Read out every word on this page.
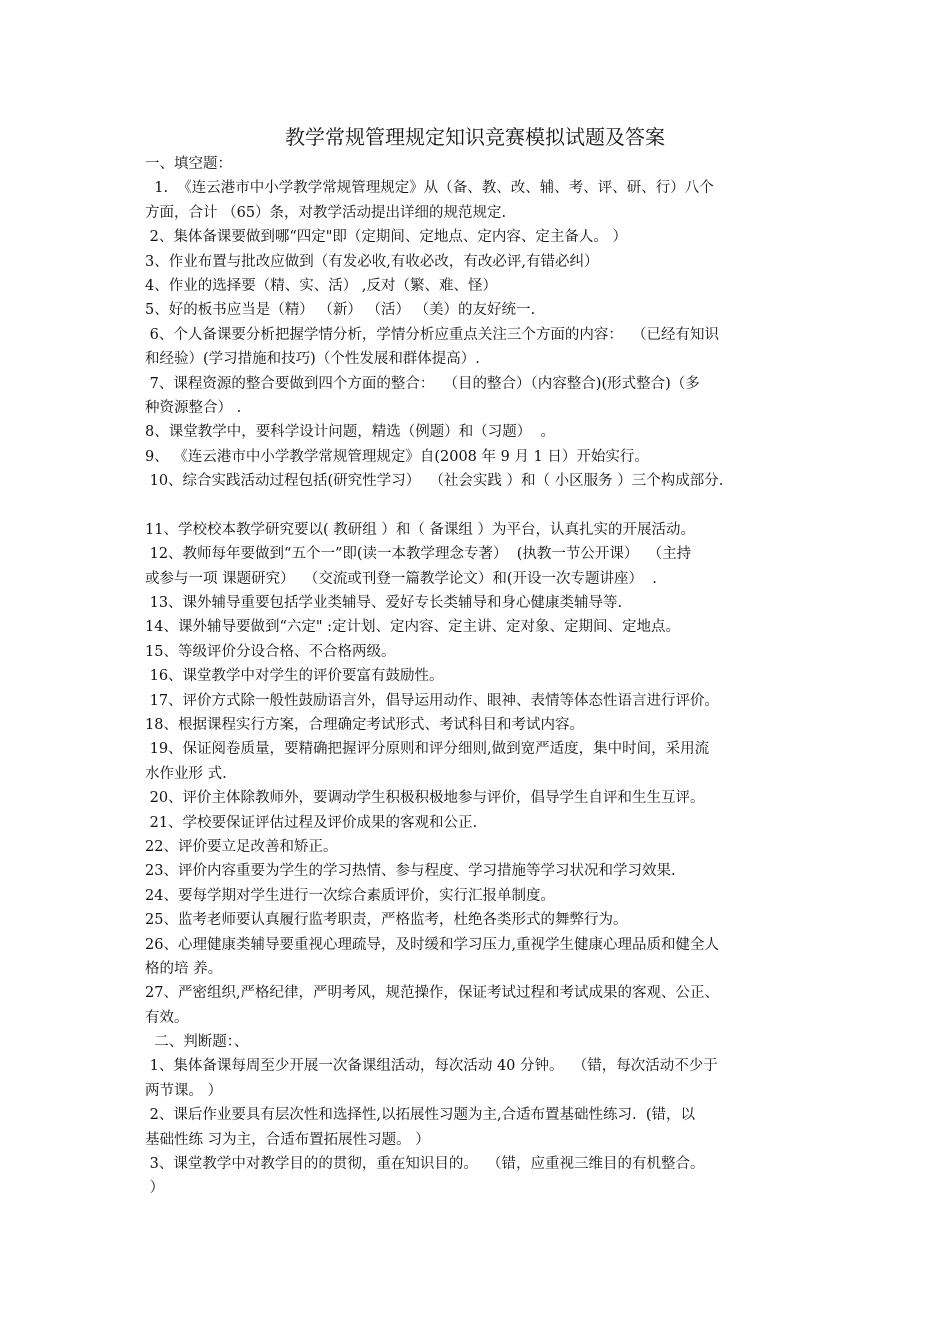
教学常规管理规定知识竞赛模拟试题及答案
一、填空题：
1.  《连云港市中小学教学常规管理规定》从（备、教、改、辅、考、评、研、行）八个
方面，合计 （65）条，对教学活动提出详细的规范规定.
2、集体备课要做到哪“四定"即（定期间、定地点、定内容、定主备人。 ）
3、作业布置与批改应做到（有发必收,有收必改，有改必评,有错必纠）
4、作业的选择要（精、实、活） ,反对（繁、难、怪）
5、好的板书应当是（精） （新） （活） （美）的友好统一.
6、个人备课要分析把握学情分析，学情分析应重点关注三个方面的内容：  （已经有知识
和经验）(学习措施和技巧)（个性发展和群体提高）.
7、课程资源的整合要做到四个方面的整合：  （目的整合）（内容整合)(形式整合)（多
种资源整合） .
8、课堂教学中，要科学设计问题，精选（例题）和（习题）  。
9、 《连云港市中小学教学常规管理规定》自(2008 年 9 月 1 日）开始实行。
10、综合实践活动过程包括(研究性学习）  （社会实践 ）和（ 小区服务 ）三个构成部分.
11、学校校本教学研究要以( 教研组 ）和（ 备课组 ）为平台，认真扎实的开展活动。
12、教师每年要做到“五个一”即(读一本教学理念专著）  (执教一节公开课）  （主持
或参与一项 课题研究）  （交流或刊登一篇教学论文）和(开设一次专题讲座）  .
13、课外辅导重要包括学业类辅导、爱好专长类辅导和身心健康类辅导等.
14、课外辅导要做到“六定" :定计划、定内容、定主讲、定对象、定期间、定地点。
15、等级评价分设合格、不合格两级。
16、课堂教学中对学生的评价要富有鼓励性。
17、评价方式除一般性鼓励语言外，倡导运用动作、眼神、表情等体态性语言进行评价。
18、根据课程实行方案，合理确定考试形式、考试科目和考试内容。
19、保证阅卷质量，要精确把握评分原则和评分细则,做到宽严适度，集中时间，采用流
水作业形 式.
20、评价主体除教师外，要调动学生积极积极地参与评价，倡导学生自评和生生互评。
21、学校要保证评估过程及评价成果的客观和公正.
22、评价要立足改善和矫正。
23、评价内容重要为学生的学习热情、参与程度、学习措施等学习状况和学习效果.
24、要每学期对学生进行一次综合素质评价，实行汇报单制度。
25、监考老师要认真履行监考职责，严格监考，杜绝各类形式的舞弊行为。
26、心理健康类辅导要重视心理疏导，及时缓和学习压力,重视学生健康心理品质和健全人
格的培 养。
27、严密组织,严格纪律，严明考风，规范操作，保证考试过程和考试成果的客观、公正、
有效。
二、判断题：、
1、集体备课每周至少开展一次备课组活动，每次活动 40 分钟。  （错，每次活动不少于
两节课。 ）
2、课后作业要具有层次性和选择性,以拓展性习题为主,合适布置基础性练习.  (错，以
基础性练 习为主，合适布置拓展性习题。 ）
3、课堂教学中对教学目的的贯彻，重在知识目的。  （错，应重视三维目的有机整合。
）
